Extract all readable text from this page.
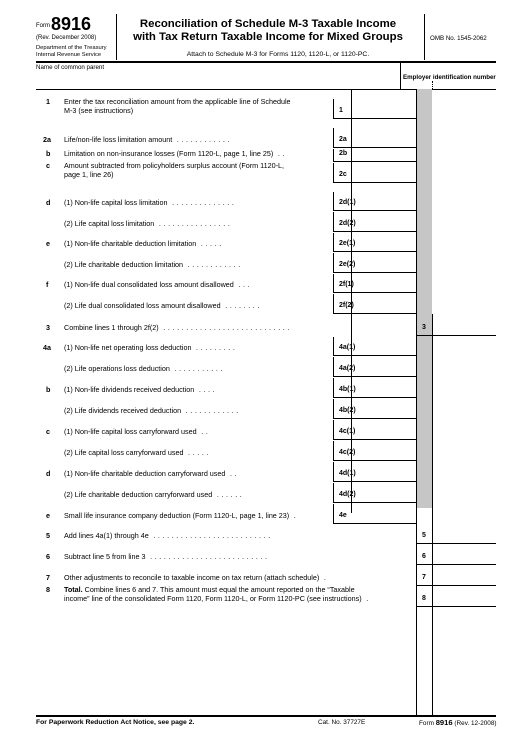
Form 8916
(Rev. December 2008)
Department of the Treasury
Internal Revenue Service
Reconciliation of Schedule M-3 Taxable Income
with Tax Return Taxable Income for Mixed Groups
Attach to Schedule M-3 for Forms 1120, 1120-L, or 1120-PC.
OMB No. 1545-2062
Name of common parent
Employer identification number
1 Enter the tax reconciliation amount from the applicable line of Schedule
M-3 (see instructions)	1
2a Life/non-life loss limitation amount ............	2a
b Limitation on non-insurance losses (Form 1120-L, page 1, line 25) ..	2b
c Amount subtracted from policyholders surplus account (Form 1120-L,
page 1, line 26)	2c
d (1) Non-life capital loss limitation ..............	2d(1)
(2) Life capital loss limitation ................	2d(2)
e (1) Non-life charitable deduction limitation .....	2e(1)
(2) Life charitable deduction limitation ............	2e(2)
f (1) Non-life dual consolidated loss amount disallowed ...	2f(1)
(2) Life dual consolidated loss amount disallowed ........	2f(2)
3 Combine lines 1 through 2f(2) ............................	3
4a (1) Non-life net operating loss deduction .........	4a(1)
(2) Life operations loss deduction ...........	4a(2)
b (1) Non-life dividends received deduction ....	4b(1)
(2) Life dividends received deduction ............	4b(2)
c (1) Non-life capital loss carryforward used ..	4c(1)
(2) Life capital loss carryforward used .....	4c(2)
d (1) Non-life charitable deduction carryforward used ..	4d(1)
(2) Life charitable deduction carryforward used ......	4d(2)
e Small life insurance company deduction (Form 1120-L, page 1, line 23) .	4e
5 Add lines 4a(1) through 4e ..........................	5
6 Subtract line 5 from line 3 ..........................	6
7 Other adjustments to reconcile to taxable income on tax return (attach schedule) .	7
8 Total. Combine lines 6 and 7. This amount must equal the amount reported on the “Taxable
income” line of the consolidated Form 1120, Form 1120-L, or Form 1120-PC (see instructions) .	8
For Paperwork Reduction Act Notice, see page 2.	Cat. No. 37727E	Form 8916 (Rev. 12-2008)
